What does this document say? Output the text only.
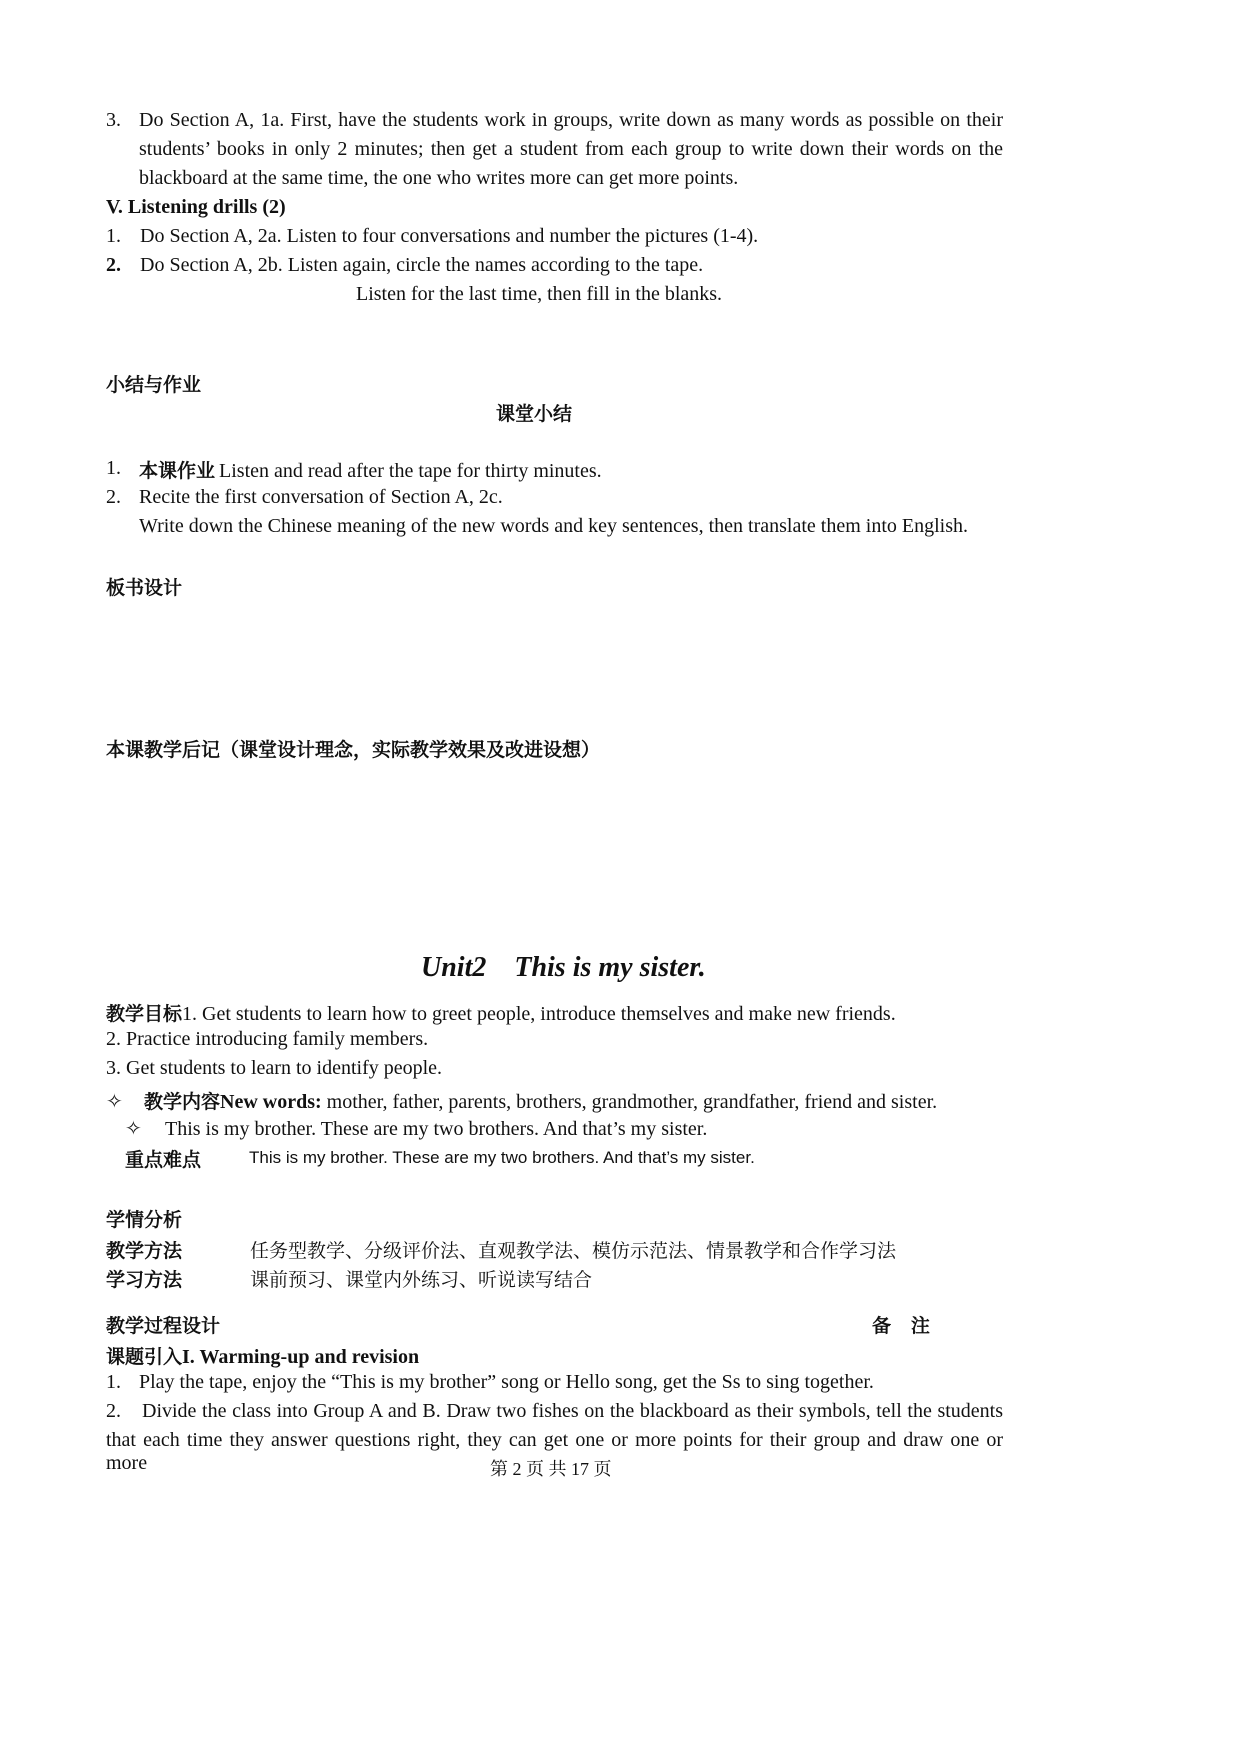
3. Do Section A, 1a. First, have the students work in groups, write down as many words as possible on their
students’ books in only 2 minutes; then get a student from each group to write down their words on the
blackboard at the same time, the one who writes more can get more points.
V. Listening drills (2)
1. Do Section A, 2a. Listen to four conversations and number the pictures (1-4).
2. Do Section A, 2b. Listen again, circle the names according to the tape.
Listen for the last time, then fill in the blanks.
小结与作业
课堂小结
1. 本课作业 Listen and read after the tape for thirty minutes.
2. Recite the first conversation of Section A, 2c.
Write down the Chinese meaning of the new words and key sentences, then translate them into English.
板书设计
本课教学后记（课堂设计理念，实际教学效果及改进设想）
Unit2    This is my sister.
教学目标1. Get students to learn how to greet people, introduce themselves and make new friends.
2. Practice introducing family members.
3. Get students to learn to identify people.
✧ 教学内容New words: mother, father, parents, brothers, grandmother, grandfather, friend and sister.
✧ This is my brother. These are my two brothers. And that’s my sister.
重点难点	This is my brother. These are my two brothers. And that’s my sister.
学情分析
教学方法	任务型教学、分级评价法、直观教学法、模仿示范法、情景教学和合作学习法
学习方法	课前预习、课堂内外练习、听说读写结合
教学过程设计	备   注
课题引入I. Warming-up and revision
1. Play the tape, enjoy the “This is my brother” song or Hello song, get the Ss to sing together.
2. Divide the class into Group A and B. Draw two fishes on the blackboard as their symbols, tell the students
that each time they answer questions right, they can get one or more points for their group and draw one or more	第 2 页 共 17 页
